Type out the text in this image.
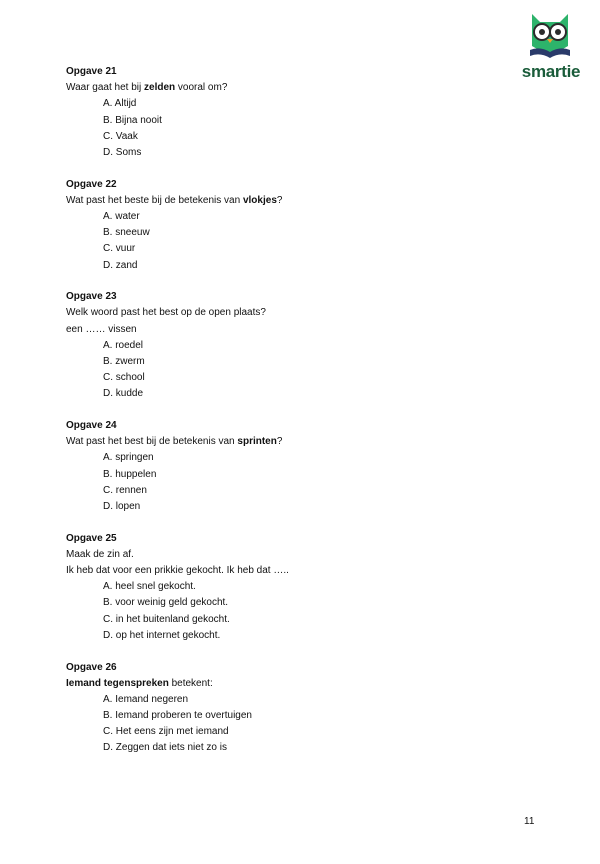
smartie
Opgave 21
Waar gaat het bij zelden vooral om?
A. Altijd
B. Bijna nooit
C. Vaak
D. Soms
Opgave 22
Wat past het beste bij de betekenis van vlokjes?
A. water
B. sneeuw
C. vuur
D. zand
Opgave 23
Welk woord past het best op de open plaats?
een …… vissen
A. roedel
B. zwerm
C. school
D. kudde
Opgave 24
Wat past het best bij de betekenis van sprinten?
A. springen
B. huppelen
C. rennen
D. lopen
Opgave 25
Maak de zin af.
Ik heb dat voor een prikkie gekocht. Ik heb dat …..
A. heel snel gekocht.
B. voor weinig geld gekocht.
C. in het buitenland gekocht.
D. op het internet gekocht.
Opgave 26
Iemand tegenspreken betekent:
A. Iemand negeren
B. Iemand proberen te overtuigen
C. Het eens zijn met iemand
D. Zeggen dat iets niet zo is
11
